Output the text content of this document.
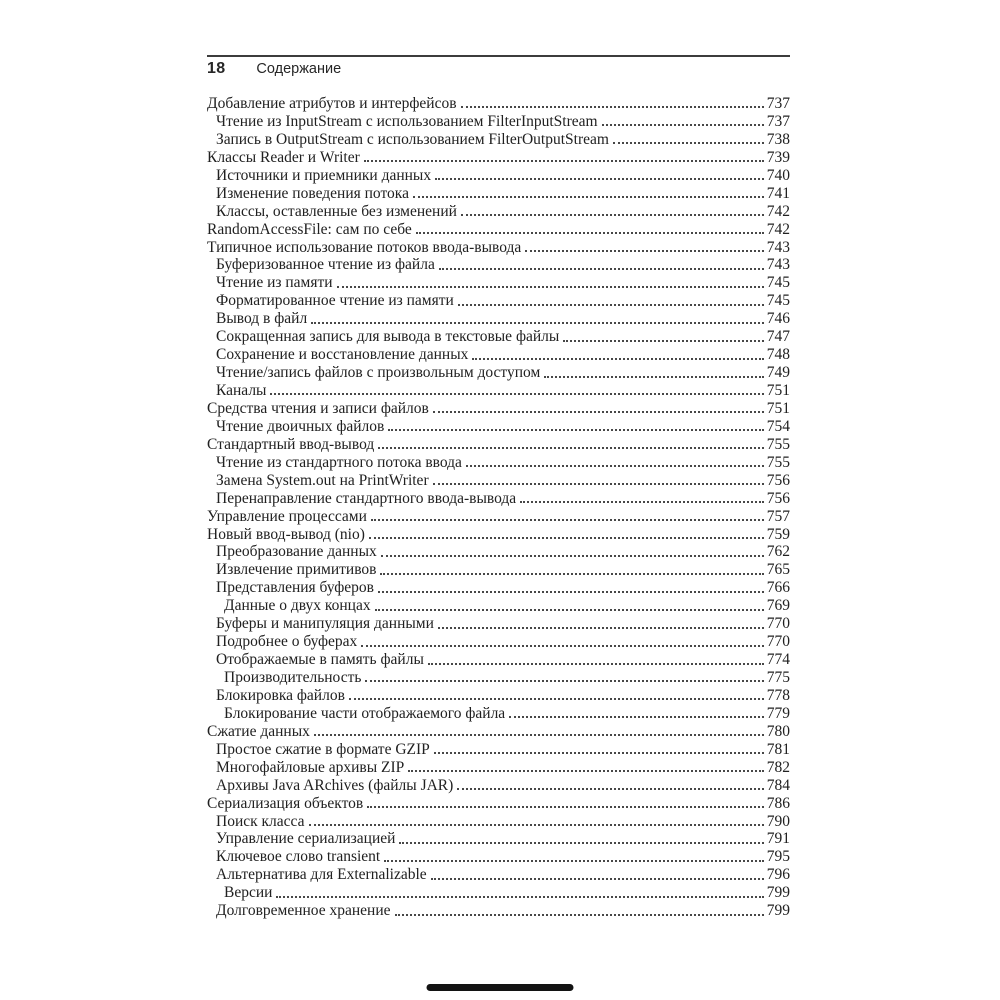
18 Содержание
Добавление атрибутов и интерфейсов	737
Чтение из InputStream с использованием FilterInputStream	737
Запись в OutputStream с использованием FilterOutputStream	738
Классы Reader и Writer	739
Источники и приемники данных	740
Изменение поведения потока	741
Классы, оставленные без изменений	742
RandomAccessFile: сам по себе	742
Типичное использование потоков ввода-вывода	743
Буферизованное чтение из файла	743
Чтение из памяти	745
Форматированное чтение из памяти	745
Вывод в файл	746
Сокращенная запись для вывода в текстовые файлы	747
Сохранение и восстановление данных	748
Чтение/запись файлов с произвольным доступом	749
Каналы	751
Средства чтения и записи файлов	751
Чтение двоичных файлов	754
Стандартный ввод-вывод	755
Чтение из стандартного потока ввода	755
Замена System.out на PrintWriter	756
Перенаправление стандартного ввода-вывода	756
Управление процессами	757
Новый ввод-вывод (nio)	759
Преобразование данных	762
Извлечение примитивов	765
Представления буферов	766
Данные о двух концах	769
Буферы и манипуляция данными	770
Подробнее о буферах	770
Отображаемые в память файлы	774
Производительность	775
Блокировка файлов	778
Блокирование части отображаемого файла	779
Сжатие данных	780
Простое сжатие в формате GZIP	781
Многофайловые архивы ZIP	782
Архивы Java ARchives (файлы JAR)	784
Сериализация объектов	786
Поиск класса	790
Управление сериализацией	791
Ключевое слово transient	795
Альтернатива для Externalizable	796
Версии	799
Долговременное хранение	799
